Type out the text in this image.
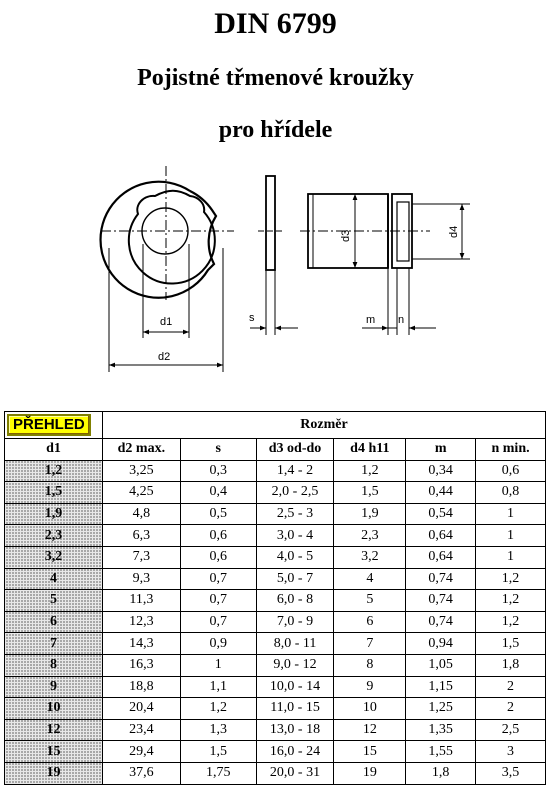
DIN 6799
Pojistné třmenové kroužky
pro hřídele
d1
d2
s
d3	d4
m n
PŘEHLED	Rozměr					
d1	d2 max.	s	d3 od-do	d4 h11	m	n min.
1,2	3,25	0,3	1,4 - 2	1,2	0,34	0,6
1,5	4,25	0,4	2,0 - 2,5	1,5	0,44	0,8
1,9	4,8	0,5	2,5 - 3	1,9	0,54	1
2,3	6,3	0,6	3,0 - 4	2,3	0,64	1
3,2	7,3	0,6	4,0 - 5	3,2	0,64	1
4	9,3	0,7	5,0 - 7	4	0,74	1,2
5	11,3	0,7	6,0 - 8	5	0,74	1,2
6	12,3	0,7	7,0 - 9	6	0,74	1,2
7	14,3	0,9	8,0 - 11	7	0,94	1,5
8	16,3	1	9,0 - 12	8	1,05	1,8
9	18,8	1,1	10,0 - 14	9	1,15	2
10	20,4	1,2	11,0 - 15	10	1,25	2
12	23,4	1,3	13,0 - 18	12	1,35	2,5
15	29,4	1,5	16,0 - 24	15	1,55	3
19	37,6	1,75	20,0 - 31	19	1,8	3,5
